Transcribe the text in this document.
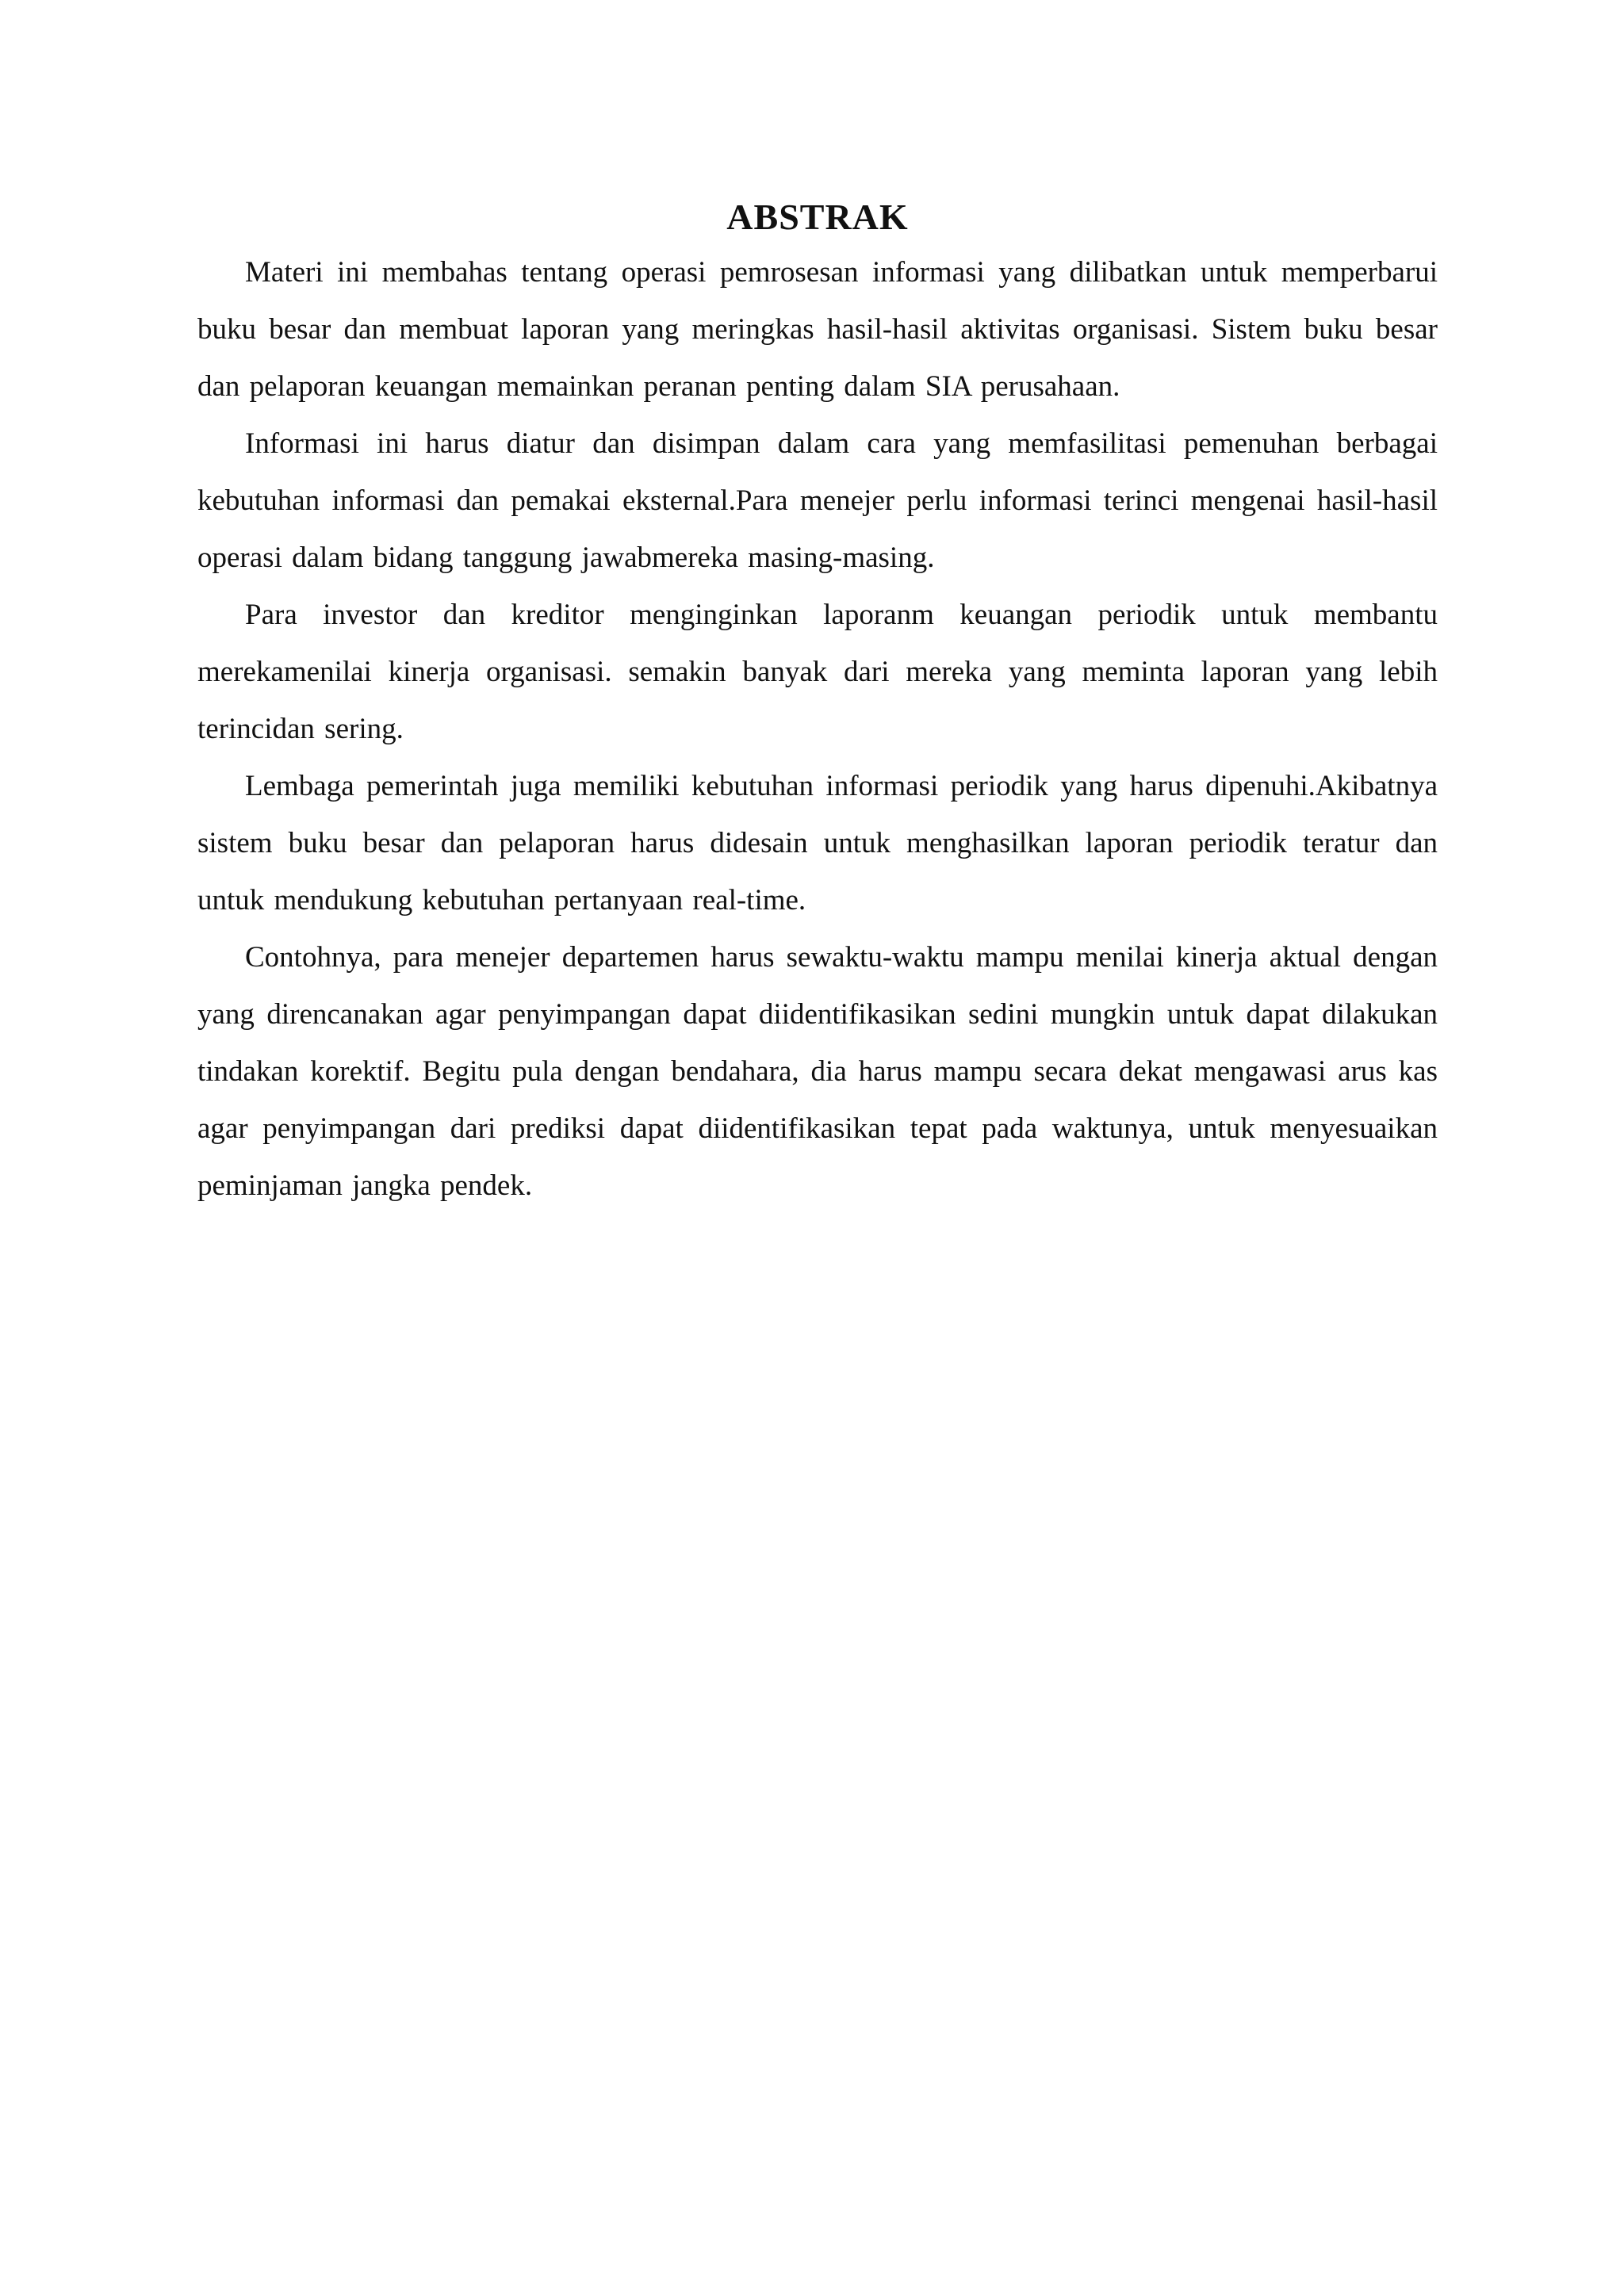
ABSTRAK

Materi ini membahas tentang operasi pemrosesan informasi yang dilibatkan untuk memperbarui buku besar dan membuat laporan yang meringkas hasil-hasil aktivitas organisasi. Sistem buku besar dan pelaporan keuangan memainkan peranan penting dalam SIA perusahaan.

Informasi ini harus diatur dan disimpan dalam cara yang memfasilitasi pemenuhan berbagai kebutuhan informasi dan pemakai eksternal.Para menejer perlu informasi terinci mengenai hasil-hasil operasi dalam bidang tanggung jawabmereka masing-masing.

Para investor dan kreditor menginginkan laporanm keuangan periodik untuk membantu merekamenilai kinerja organisasi. semakin banyak dari mereka yang meminta laporan yang lebih terincidan sering.

Lembaga pemerintah juga memiliki kebutuhan informasi periodik yang harus dipenuhi.Akibatnya sistem buku besar dan pelaporan harus didesain untuk menghasilkan laporan periodik teratur dan untuk mendukung kebutuhan pertanyaan real-time.

Contohnya, para menejer departemen harus sewaktu-waktu mampu menilai kinerja aktual dengan yang direncanakan agar penyimpangan dapat diidentifikasikan sedini mungkin untuk dapat dilakukan tindakan korektif. Begitu pula dengan bendahara, dia harus mampu secara dekat mengawasi arus kas agar penyimpangan dari prediksi dapat diidentifikasikan tepat pada waktunya, untuk menyesuaikan peminjaman jangka pendek.
